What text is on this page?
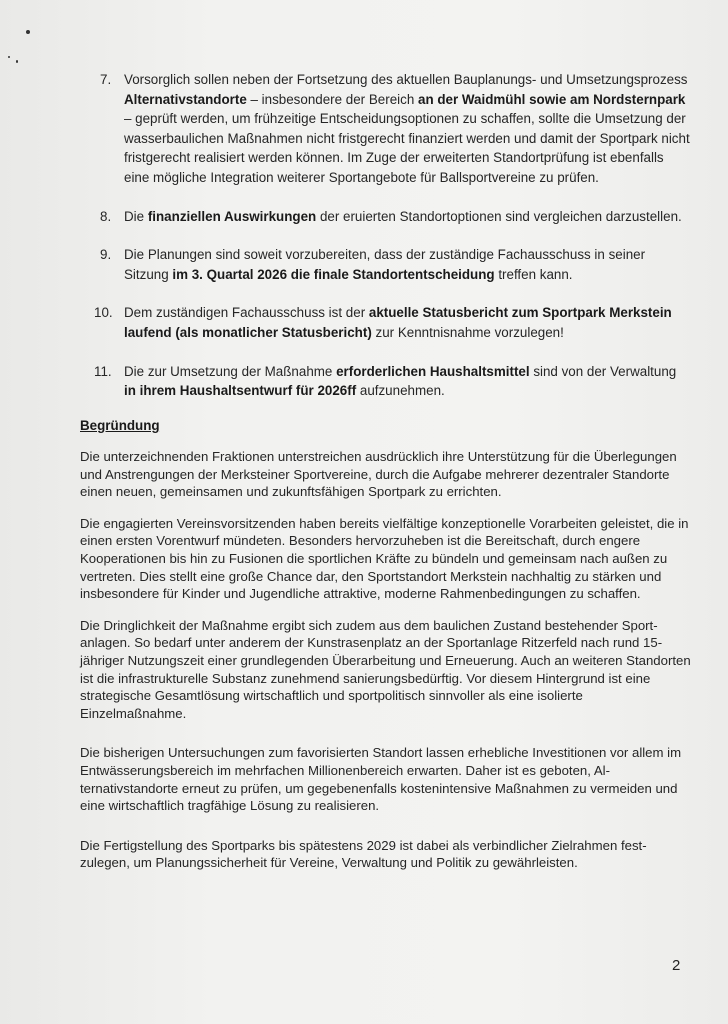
7. Vorsorglich sollen neben der Fortsetzung des aktuellen Bauplanungs- und Umsetzungsprozess Alternativstandorte – insbesondere der Bereich an der Waidmühl sowie am Nordsternpark – geprüft werden, um frühzeitige Entscheidungsoptionen zu schaffen, sollte die Umsetzung der wasserbaulichen Maßnahmen nicht fristgerecht finanziert werden und damit der Sportpark nicht fristgerecht realisiert werden können. Im Zuge der erweiterten Standortprüfung ist ebenfalls eine mögliche Integration weiterer Sportangebote für Ballsportvereine zu prüfen.
8. Die finanziellen Auswirkungen der eruierten Standortoptionen sind vergleichen darzustellen.
9. Die Planungen sind soweit vorzubereiten, dass der zuständige Fachausschuss in seiner Sitzung im 3. Quartal 2026 die finale Standortentscheidung treffen kann.
10. Dem zuständigen Fachausschuss ist der aktuelle Statusbericht zum Sportpark Merkstein laufend (als monatlicher Statusbericht) zur Kenntnisnahme vorzulegen!
11. Die zur Umsetzung der Maßnahme erforderlichen Haushaltsmittel sind von der Verwaltung in ihrem Haushaltsentwurf für 2026ff aufzunehmen.
Begründung

Die unterzeichnenden Fraktionen unterstreichen ausdrücklich ihre Unterstützung für die Überlegungen und Anstrengungen der Merksteiner Sportvereine, durch die Aufgabe mehrerer dezentraler Standorte einen neuen, gemeinsamen und zukunftsfähigen Sportpark zu errichten.

Die engagierten Vereinsvorsitzenden haben bereits vielfältige konzeptionelle Vorarbeiten geleistet, die in einen ersten Vorentwurf mündeten. Besonders hervorzuheben ist die Bereitschaft, durch engere Kooperationen bis hin zu Fusionen die sportlichen Kräfte zu bündeln und gemeinsam nach außen zu vertreten. Dies stellt eine große Chance dar, den Sportstandort Merkstein nachhaltig zu stärken und insbesondere für Kinder und Jugendliche attraktive, moderne Rahmenbedingungen zu schaffen.

Die Dringlichkeit der Maßnahme ergibt sich zudem aus dem baulichen Zustand bestehender Sportanlagen. So bedarf unter anderem der Kunstrasenplatz an der Sportanlage Ritzerfeld nach rund 15-jähriger Nutzungszeit einer grundlegenden Überarbeitung und Erneuerung. Auch an weiteren Standorten ist die infrastrukturelle Substanz zunehmend sanierungsbedürftig. Vor diesem Hintergrund ist eine strategische Gesamtlösung wirtschaftlich und sportpolitisch sinnvoller als eine isolierte Einzelmaßnahme.

Die bisherigen Untersuchungen zum favorisierten Standort lassen erhebliche Investitionen vor allem im Entwässerungsbereich im mehrfachen Millionenbereich erwarten. Daher ist es geboten, Alternativstandorte erneut zu prüfen, um gegebenenfalls kostenintensive Maßnahmen zu vermeiden und eine wirtschaftlich tragfähige Lösung zu realisieren.

Die Fertigstellung des Sportparks bis spätestens 2029 ist dabei als verbindlicher Zielrahmen festzulegen, um Planungssicherheit für Vereine, Verwaltung und Politik zu gewährleisten.

2
